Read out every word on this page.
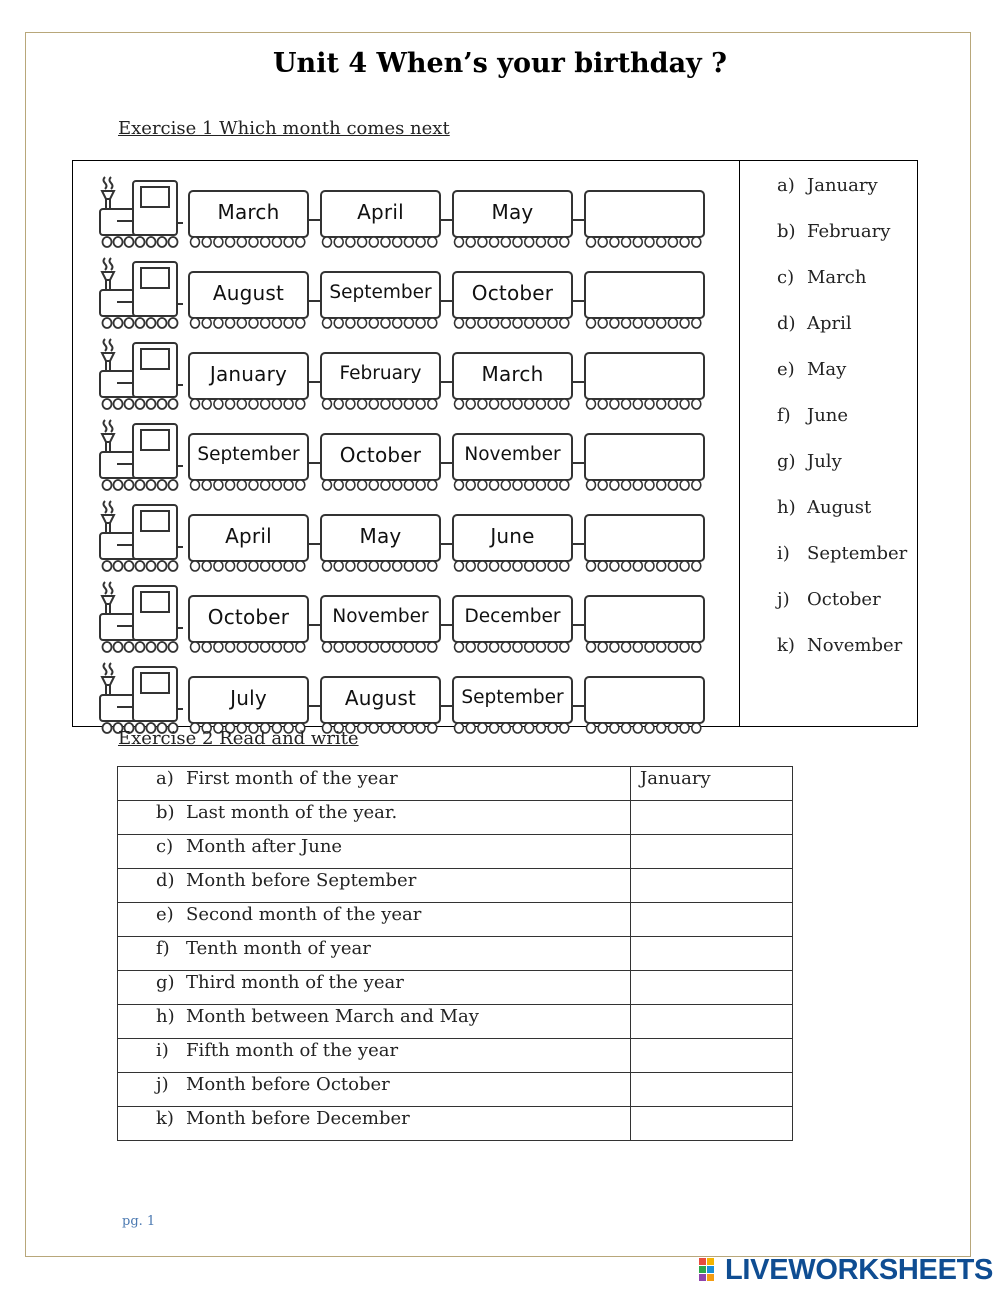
Unit 4 When’s your birthday ?
Exercise 1 Which month comes next
March	April	May
August	September	October
January	February	March
September	October	November
April	May	June
October	November	December
July	August	September
a) January
b) February
c) March
d) April
e) May
f) June
g) July
h) August
i) September
j) October
k) November
Exercise 2 Read and write
a) First month of the year	January
b) Last month of the year.	
c) Month after June	
d) Month before September	
e) Second month of the year	
f) Tenth month of year	
g) Third month of the year	
h) Month between March and May	
i) Fifth month of the year	
j) Month before October	
k) Month before December	
pg. 1
LIVEWORKSHEETS
